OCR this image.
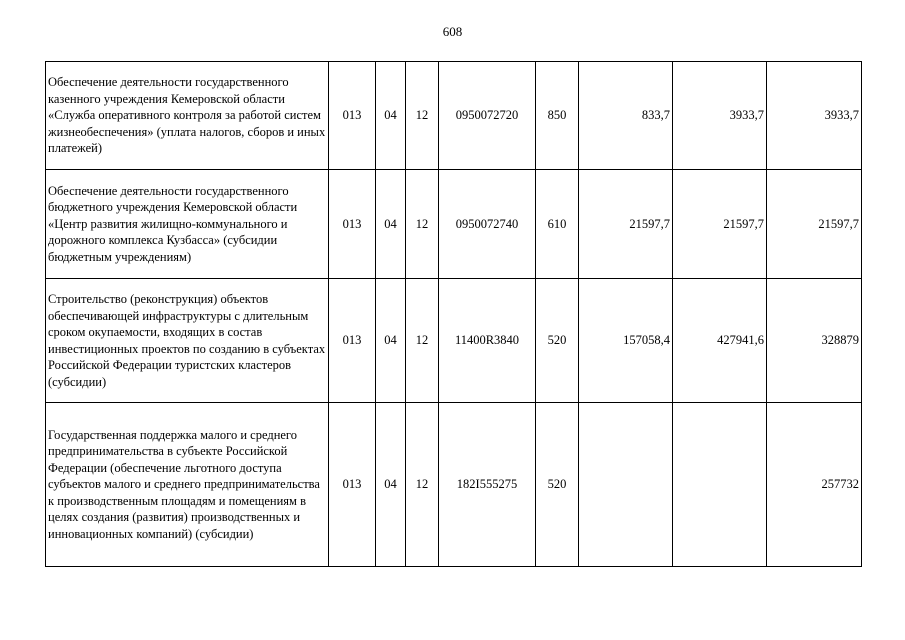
608
Обеспечение деятельности государственного казенного учреждения Кемеровской области «Служба оперативного контроля за работой систем жизнеобеспечения» (уплата налогов, сборов и иных платежей)	013	04	12	0950072720	850	833,7	3933,7	3933,7
Обеспечение деятельности государственного бюджетного учреждения Кемеровской области «Центр развития жилищно-коммунального и дорожного комплекса Кузбасса» (субсидии бюджетным учреждениям)	013	04	12	0950072740	610	21597,7	21597,7	21597,7
Строительство (реконструкция) объектов обеспечивающей инфраструктуры с длительным сроком окупаемости, входящих в состав инвестиционных проектов по созданию в субъектах Российской Федерации туристских кластеров (субсидии)	013	04	12	11400R3840	520	157058,4	427941,6	328879
Государственная поддержка малого и среднего предпринимательства в субъекте Российской Федерации (обеспечение льготного доступа субъектов малого и среднего предпринимательства к производственным площадям и помещениям в целях создания (развития) производственных и инновационных компаний) (субсидии)	013	04	12	182I555275	520			257732
